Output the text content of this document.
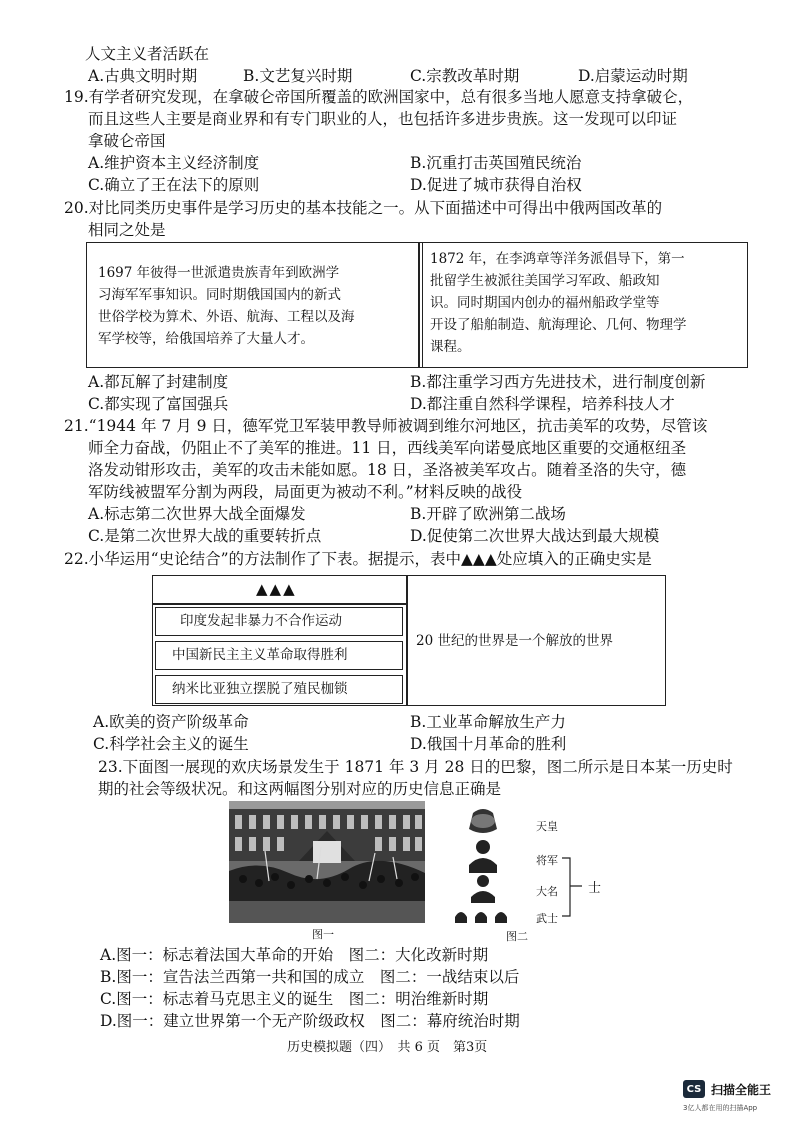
人文主义者活跃在
A.古典文明时期	B.文艺复兴时期	C.宗教改革时期	D.启蒙运动时期
19.有学者研究发现，在拿破仑帝国所覆盖的欧洲国家中，总有很多当地人愿意支持拿破仑，
而且这些人主要是商业界和有专门职业的人，也包括许多进步贵族。这一发现可以印证
拿破仑帝国
A.维护资本主义经济制度	B.沉重打击英国殖民统治
C.确立了王在法下的原则	D.促进了城市获得自治权
20.对比同类历史事件是学习历史的基本技能之一。从下面描述中可得出中俄两国改革的
相同之处是
1697 年彼得一世派遣贵族青年到欧洲学
习海军军事知识。同时期俄国国内的新式
世俗学校为算术、外语、航海、工程以及海
军学校等，给俄国培养了大量人才。
1872 年，在李鸿章等洋务派倡导下，第一
批留学生被派往美国学习军政、船政知
识。同时期国内创办的福州船政学堂等
开设了船舶制造、航海理论、几何、物理学
课程。
A.都瓦解了封建制度	B.都注重学习西方先进技术，进行制度创新
C.都实现了富国强兵	D.都注重自然科学课程，培养科技人才
21.“1944 年 7 月 9 日，德军党卫军装甲教导师被调到维尔河地区，抗击美军的攻势，尽管该
师全力奋战，仍阻止不了美军的推进。11 日，西线美军向诺曼底地区重要的交通枢纽圣
洛发动钳形攻击，美军的攻击未能如愿。18 日，圣洛被美军攻占。随着圣洛的失守，德
军防线被盟军分割为两段，局面更为被动不利。”材料反映的战役
A.标志第二次世界大战全面爆发	B.开辟了欧洲第二战场
C.是第二次世界大战的重要转折点	D.促使第二次世界大战达到最大规模
22.小华运用“史论结合”的方法制作了下表。据提示，表中▲▲▲处应填入的正确史实是
▲▲▲
印度发起非暴力不合作运动
中国新民主主义革命取得胜利
纳米比亚独立摆脱了殖民枷锁
20 世纪的世界是一个解放的世界
A.欧美的资产阶级革命	B.工业革命解放生产力
C.科学社会主义的诞生	D.俄国十月革命的胜利
23.下面图一展现的欢庆场景发生于 1871 年 3 月 28 日的巴黎，图二所示是日本某一历史时
期的社会等级状况。和这两幅图分别对应的历史信息正确是
图一
天皇
将军
大名
武士
士
图二
A.图一：标志着法国大革命的开始　图二：大化改新时期
B.图一：宣告法兰西第一共和国的成立　图二：一战结束以后
C.图一：标志着马克思主义的诞生　图二：明治维新时期
D.图一：建立世界第一个无产阶级政权　图二：幕府统治时期
历史模拟题（四）　共 6 页　第3页
CS 扫描全能王
3亿人都在用的扫描App
